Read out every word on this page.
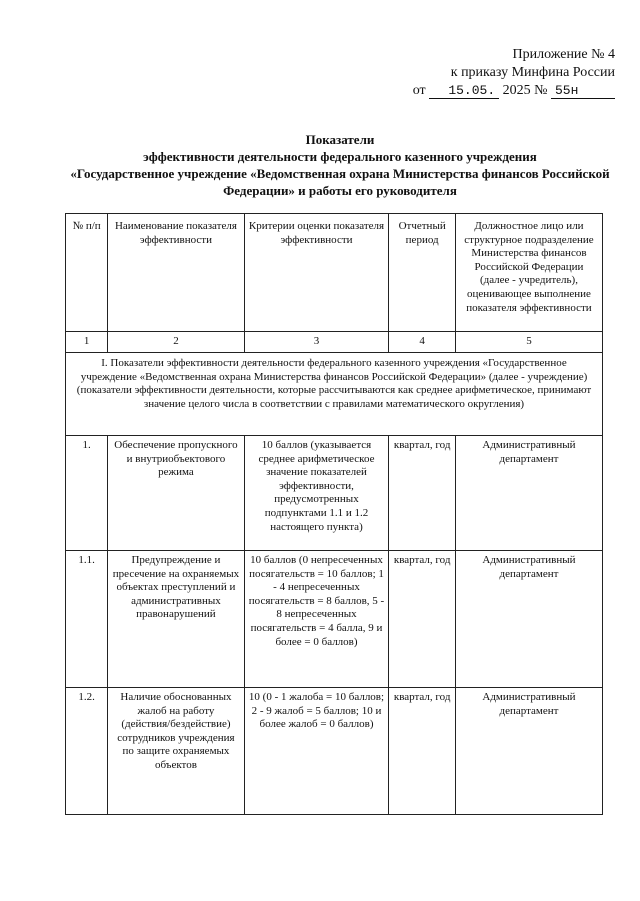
Приложение № 4
к приказу Минфина России
от 15.05. 2025 № 55н
Показатели
эффективности деятельности федерального казенного учреждения
«Государственное учреждение «Ведомственная охрана Министерства финансов Российской Федерации» и работы его руководителя
№ п/п	Наименование показателя эффективности	Критерии оценки показателя эффективности	Отчетный период	Должностное лицо или структурное подразделение Министерства финансов Российской Федерации (далее - учредитель), оценивающее выполнение показателя эффективности
1	2	3	4	5
I. Показатели эффективности деятельности федерального казенного учреждения «Государственное учреждение «Ведомственная охрана Министерства финансов Российской Федерации» (далее - учреждение) (показатели эффективности деятельности, которые рассчитываются как среднее арифметическое, принимают значение целого числа в соответствии с правилами математического округления)				
1.	Обеспечение пропускного и внутриобъектового режима	10 баллов (указывается среднее арифметическое значение показателей эффективности, предусмотренных подпунктами 1.1 и 1.2 настоящего пункта)	квартал, год	Административный департамент
1.1.	Предупреждение и пресечение на охраняемых объектах преступлений и административных правонарушений	10 баллов (0 непресеченных посягательств = 10 баллов; 1 - 4 непресеченных посягательств = 8 баллов, 5 - 8 непресеченных посягательств = 4 балла, 9 и более = 0 баллов)	квартал, год	Административный департамент
1.2.	Наличие обоснованных жалоб на работу (действия/бездействие) сотрудников учреждения по защите охраняемых объектов	10 (0 - 1 жалоба = 10 баллов; 2 - 9 жалоб = 5 баллов; 10 и более жалоб = 0 баллов)	квартал, год	Административный департамент
